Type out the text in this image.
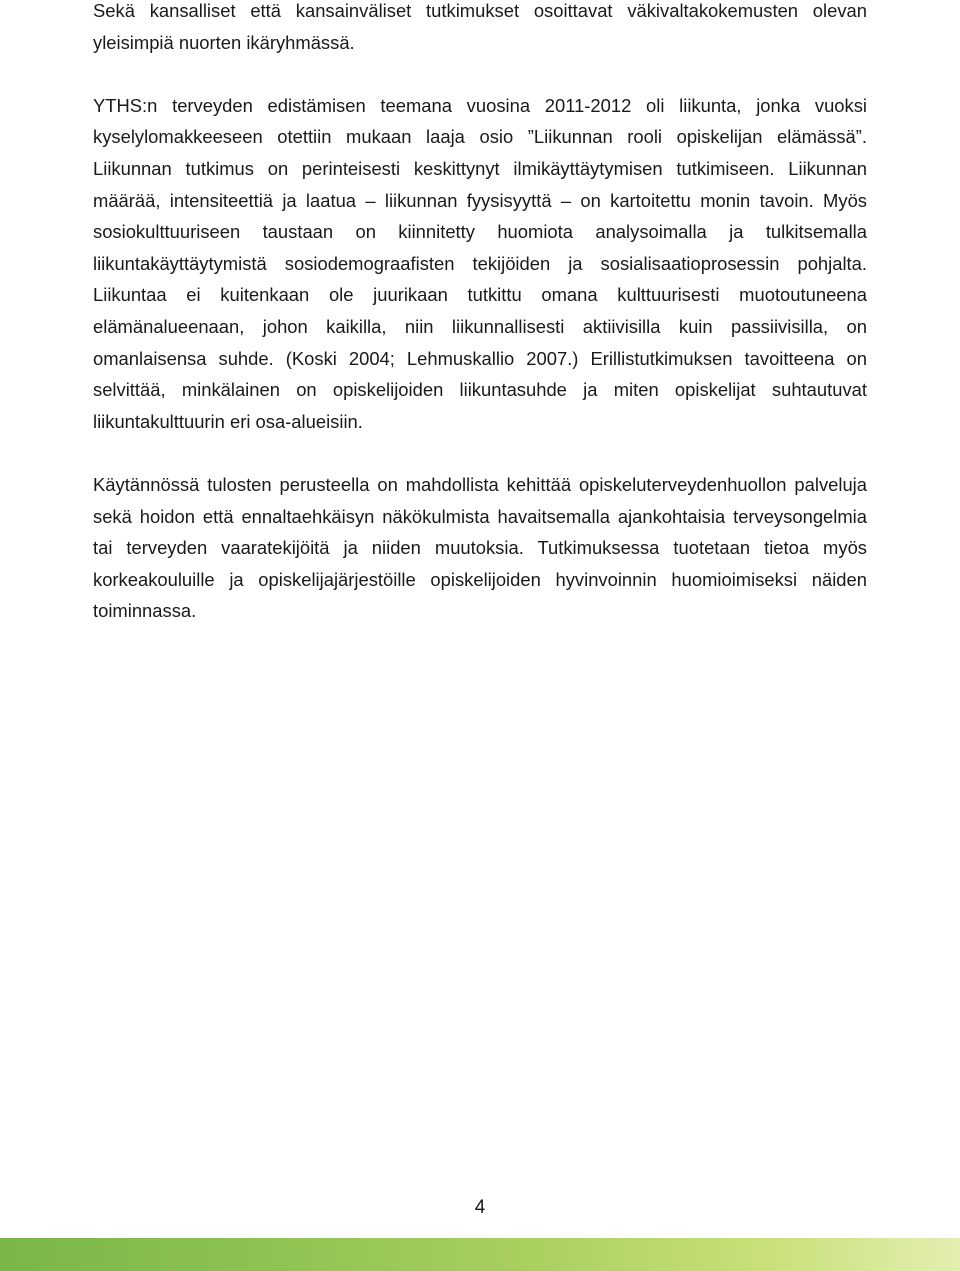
Sekä kansalliset että kansainväliset tutkimukset osoittavat väkivaltakokemusten olevan yleisimpiä nuorten ikäryhmässä.

YTHS:n terveyden edistämisen teemana vuosina 2011-2012 oli liikunta, jonka vuoksi kyselylomakkeeseen otettiin mukaan laaja osio ”Liikunnan rooli opiskelijan elämässä”. Liikunnan tutkimus on perinteisesti keskittynyt ilmikäyttäytymisen tutkimiseen. Liikunnan määrää, intensiteettiä ja laatua – liikunnan fyysisyyttä – on kartoitettu monin tavoin. Myös sosiokulttuuriseen taustaan on kiinnitetty huomiota analysoimalla ja tulkitsemalla liikuntakäyttäytymistä sosiodemograafisten tekijöiden ja sosialisaatioprosessin pohjalta. Liikuntaa ei kuitenkaan ole juurikaan tutkittu omana kulttuurisesti muotoutuneena elämänalueenaan, johon kaikilla, niin liikunnallisesti aktiivisilla kuin passiivisilla, on omanlaisensa suhde. (Koski 2004; Lehmuskallio 2007.) Erillistutkimuksen tavoitteena on selvittää, minkälainen on opiskelijoiden liikuntasuhde ja miten opiskelijat suhtautuvat liikuntakulttuurin eri osa-alueisiin.

Käytännössä tulosten perusteella on mahdollista kehittää opiskeluterveydenhuollon palveluja sekä hoidon että ennaltaehkäisyn näkökulmista havaitsemalla ajankohtaisia terveysongelmia tai terveyden vaaratekijöitä ja niiden muutoksia. Tutkimuksessa tuotetaan tietoa myös korkeakouluille ja opiskelijajärjestöille opiskelijoiden hyvinvoinnin huomioimiseksi näiden toiminnassa.

4
